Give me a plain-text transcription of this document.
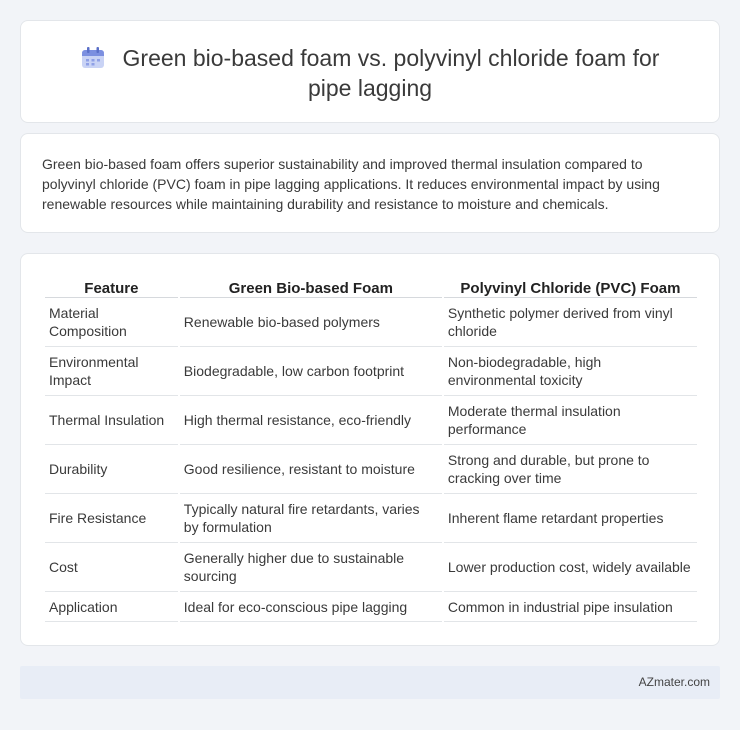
Green bio-based foam vs. polyvinyl chloride foam for pipe lagging

Green bio-based foam offers superior sustainability and improved thermal insulation compared to polyvinyl chloride (PVC) foam in pipe lagging applications. It reduces environmental impact by using renewable resources while maintaining durability and resistance to moisture and chemicals.

Feature	Green Bio-based Foam	Polyvinyl Chloride (PVC) Foam
Material Composition	Renewable bio-based polymers	Synthetic polymer derived from vinyl chloride
Environmental Impact	Biodegradable, low carbon footprint	Non-biodegradable, high environmental toxicity
Thermal Insulation	High thermal resistance, eco-friendly	Moderate thermal insulation performance
Durability	Good resilience, resistant to moisture	Strong and durable, but prone to cracking over time
Fire Resistance	Typically natural fire retardants, varies by formulation	Inherent flame retardant properties
Cost	Generally higher due to sustainable sourcing	Lower production cost, widely available
Application	Ideal for eco-conscious pipe lagging	Common in industrial pipe insulation
AZmater.com
